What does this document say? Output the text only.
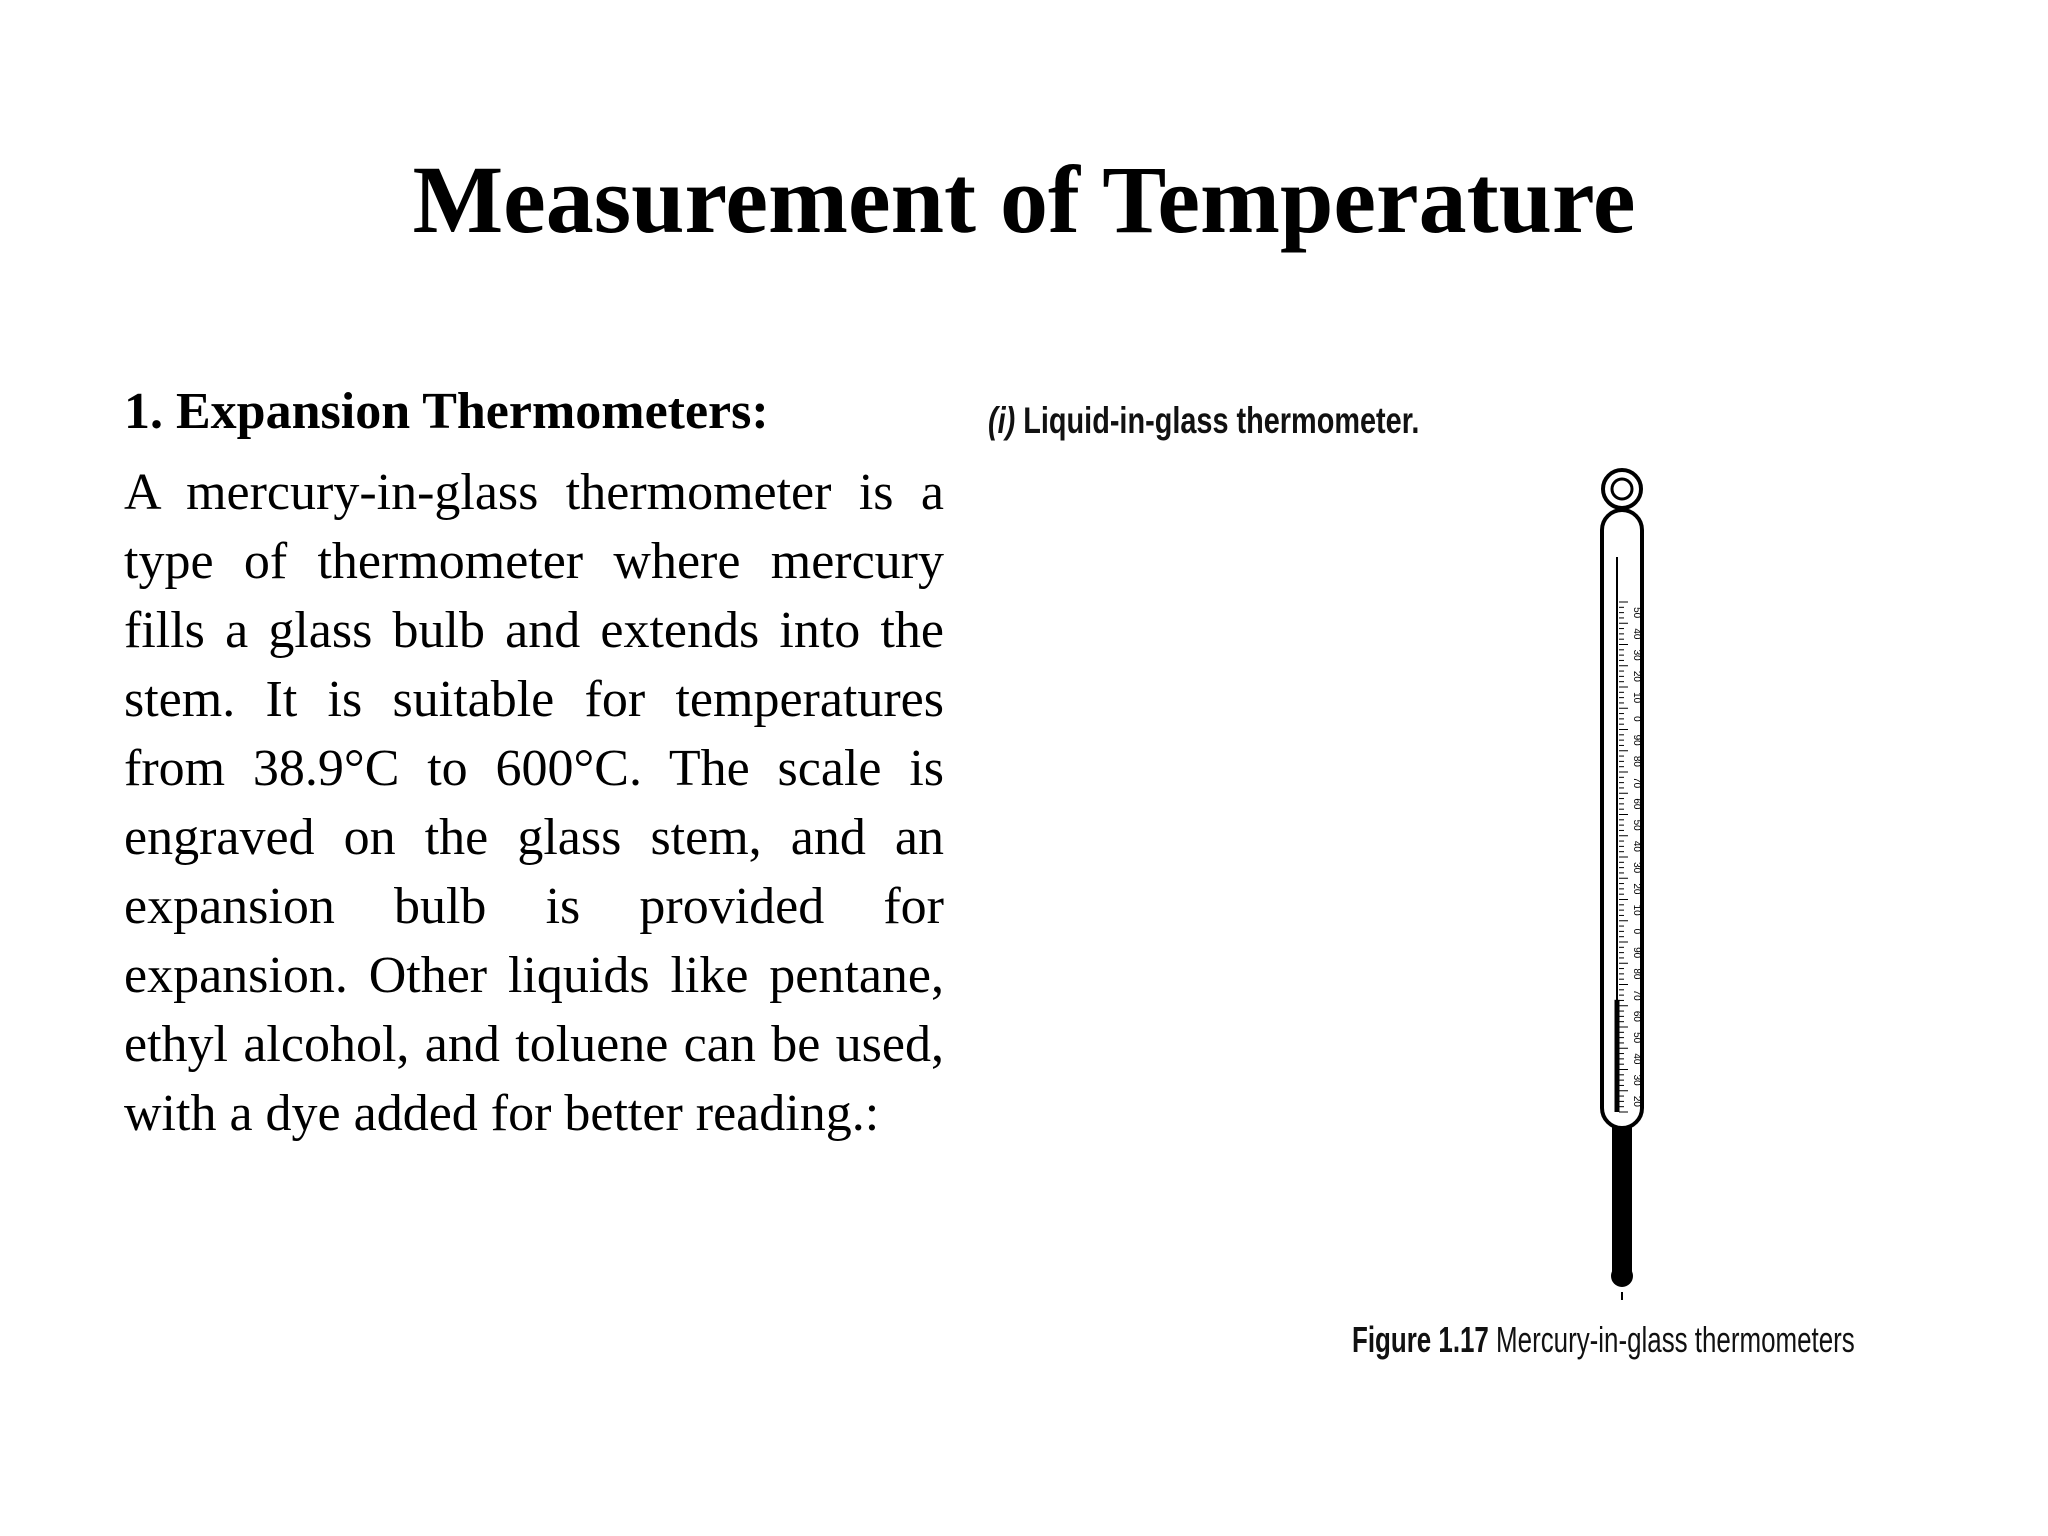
Measurement of Temperature
1. Expansion Thermometers:

A mercury-in-glass thermometer is a type of thermometer where mercury fills a glass bulb and extends into the stem. It is suitable for temperatures from 38.9°C to 600°C. The scale is engraved on the glass stem, and an expansion bulb is provided for expansion. Other liquids like pentane, ethyl alcohol, and toluene can be used, with a dye added for better reading.:

(i) Liquid-in-glass thermometer.
50
40
30
20
10
0
90
80
70
60
50
40
30
20
10
0
90
80
70
60
50
40
30
20
Figure 1.17 Mercury-in-glass thermometers
